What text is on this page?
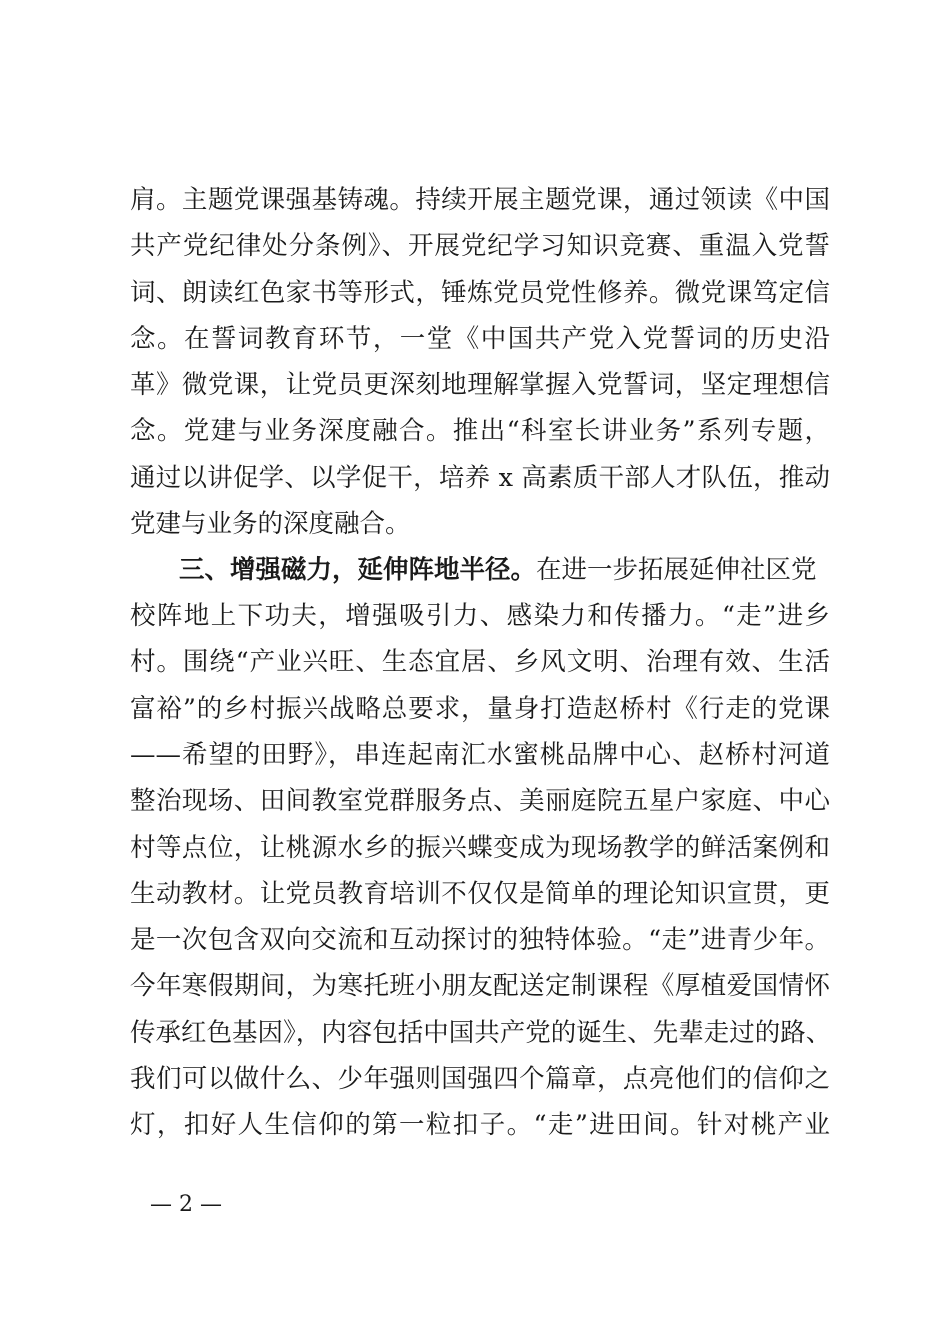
肩。主题党课强基铸魂。持续开展主题党课，通过领读《中国
共产党纪律处分条例》、开展党纪学习知识竞赛、重温入党誓
词、朗读红色家书等形式，锤炼党员党性修养。微党课笃定信
念。在誓词教育环节，一堂《中国共产党入党誓词的历史沿
革》微党课，让党员更深刻地理解掌握入党誓词，坚定理想信
念。党建与业务深度融合。推出“科室长讲业务”系列专题，
通过以讲促学、以学促干，培养 x 高素质干部人才队伍，推动
党建与业务的深度融合。
三、增强磁力，延伸阵地半径。在进一步拓展延伸社区党
校阵地上下功夫，增强吸引力、感染力和传播力。“走”进乡
村。围绕“产业兴旺、生态宜居、乡风文明、治理有效、生活
富裕”的乡村振兴战略总要求，量身打造赵桥村《行走的党课
——希望的田野》，串连起南汇水蜜桃品牌中心、赵桥村河道
整治现场、田间教室党群服务点、美丽庭院五星户家庭、中心
村等点位，让桃源水乡的振兴蝶变成为现场教学的鲜活案例和
生动教材。让党员教育培训不仅仅是简单的理论知识宣贯，更
是一次包含双向交流和互动探讨的独特体验。“走”进青少年。
今年寒假期间，为寒托班小朋友配送定制课程《厚植爱国情怀
传承红色基因》，内容包括中国共产党的诞生、先辈走过的路、
我们可以做什么、少年强则国强四个篇章，点亮他们的信仰之
灯，扣好人生信仰的第一粒扣子。“走”进田间。针对桃产业
— 2 —
